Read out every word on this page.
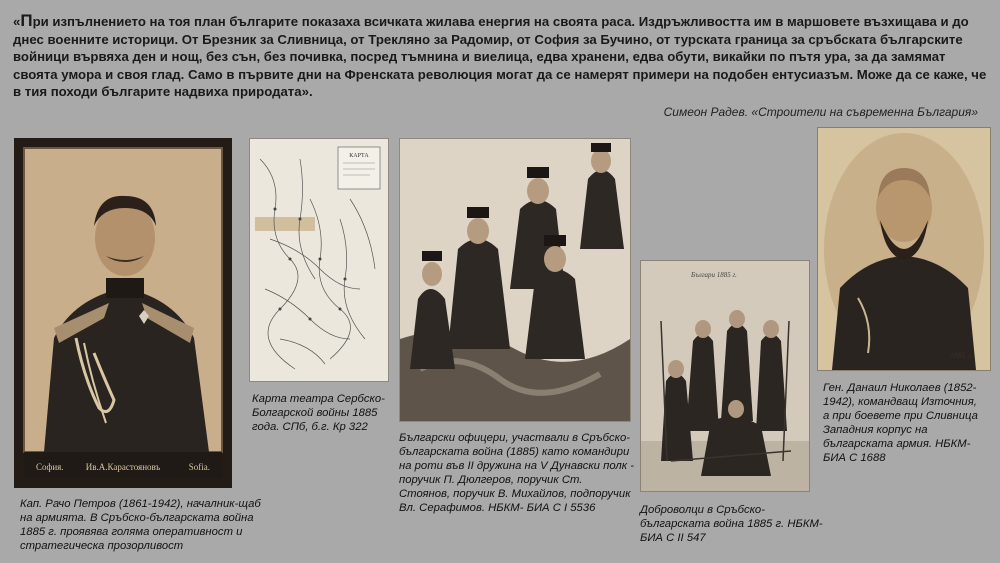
«При изпълнението на тоя план българите показаха всичката жилава енергия на своята раса. Издръжливостта им в маршовете възхищава и до днес военните историци. От Брезник за Сливница, от Трекляно за Радомир, от София за Бучино, от турската граница за сръбската българските войници вървяха ден и нощ, без сън, без почивка, посред тъмнина и виелица, едва хранени, едва обути, викайки по пътя ура, за да замямат своята умора и своя глад. Само в първите дни на Френската революция могат да се намерят примери на подобен ентусиазъм. Може да се каже, че в тия походи българите надвиха природата».

Симеон Радев. «Строители на съвременна България»
София. Ив.А.Карастояновъ	Sofia.
Кап. Рачо Петров (1861-1942), началник-щаб на армията. В Сръбско-българската война 1885 г. проявява голяма оперативност и стратегическа прозорливост
КАРТА
Карта театра Сербско-Болгарской войны 1885 года. СПб, б.г. Кр 322
Български офицери, участвали в Сръбско-българската война (1885) като командири на роти във II дружина на V Дунавски полк - поручик П. Дюлгеров, поручик Ст. Стоянов, поручик В. Михайлов, подпоручик Вл. Серафимов. НБКМ- БИА С I 5536
Българи 1885 г.
Доброволци в Сръбско-българската война 1885 г. НБКМ-БИА С II 547
1881 г.
Ген. Данаил Николаев (1852-1942), командващ Източния, а при боевете при Сливница Западния корпус на българската армия. НБКМ-БИА С 1688
